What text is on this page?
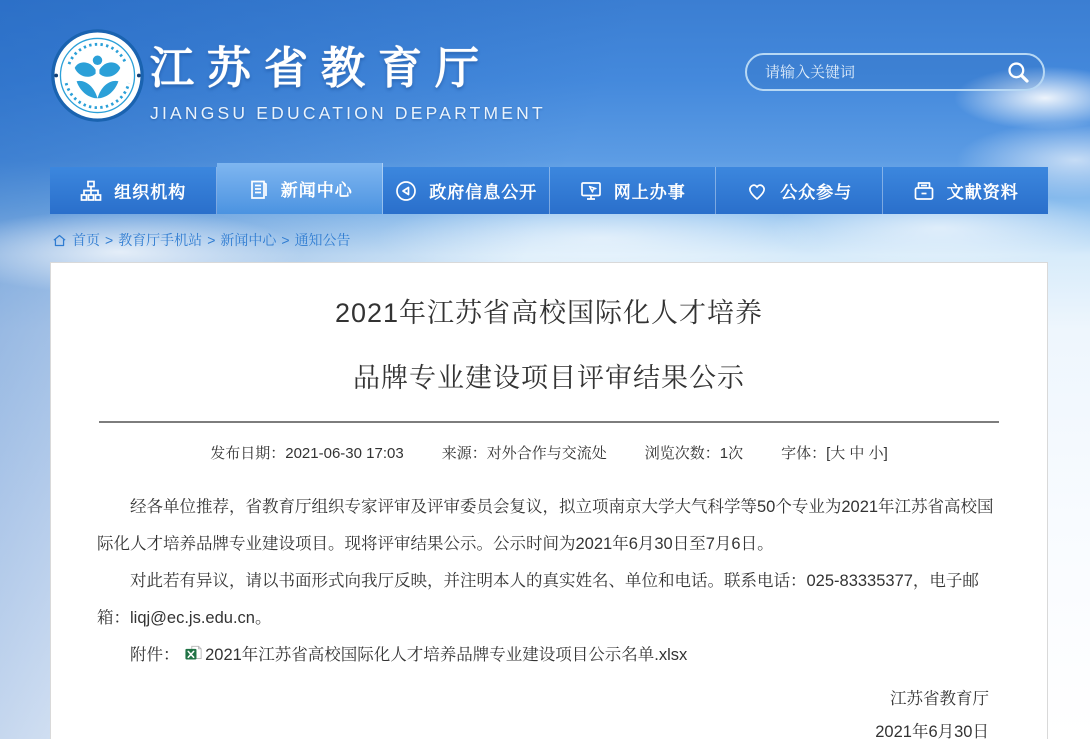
江苏省教育厅
JIANGSU EDUCATION DEPARTMENT
请输入关键词
组织机构	新闻中心	政府信息公开	网上办事	公众参与	文献资料
首页 > 教育厅手机站 > 新闻中心 > 通知公告
2021年江苏省高校国际化人才培养
品牌专业建设项目评审结果公示
发布日期：2021-06-30 17:03	来源：对外合作与交流处	浏览次数：1次	字体：[大 中 小]

经各单位推荐，省教育厅组织专家评审及评审委员会复议，拟立项南京大学大气科学等50个专业为2021年江苏省高校国际化人才培养品牌专业建设项目。现将评审结果公示。公示时间为2021年6月30日至7月6日。

对此若有异议，请以书面形式向我厅反映，并注明本人的真实姓名、单位和电话。联系电话：025-83335377，电子邮箱：liqj@ec.js.edu.cn。

附件： 2021年江苏省高校国际化人才培养品牌专业建设项目公示名单.xlsx
江苏省教育厅
2021年6月30日
